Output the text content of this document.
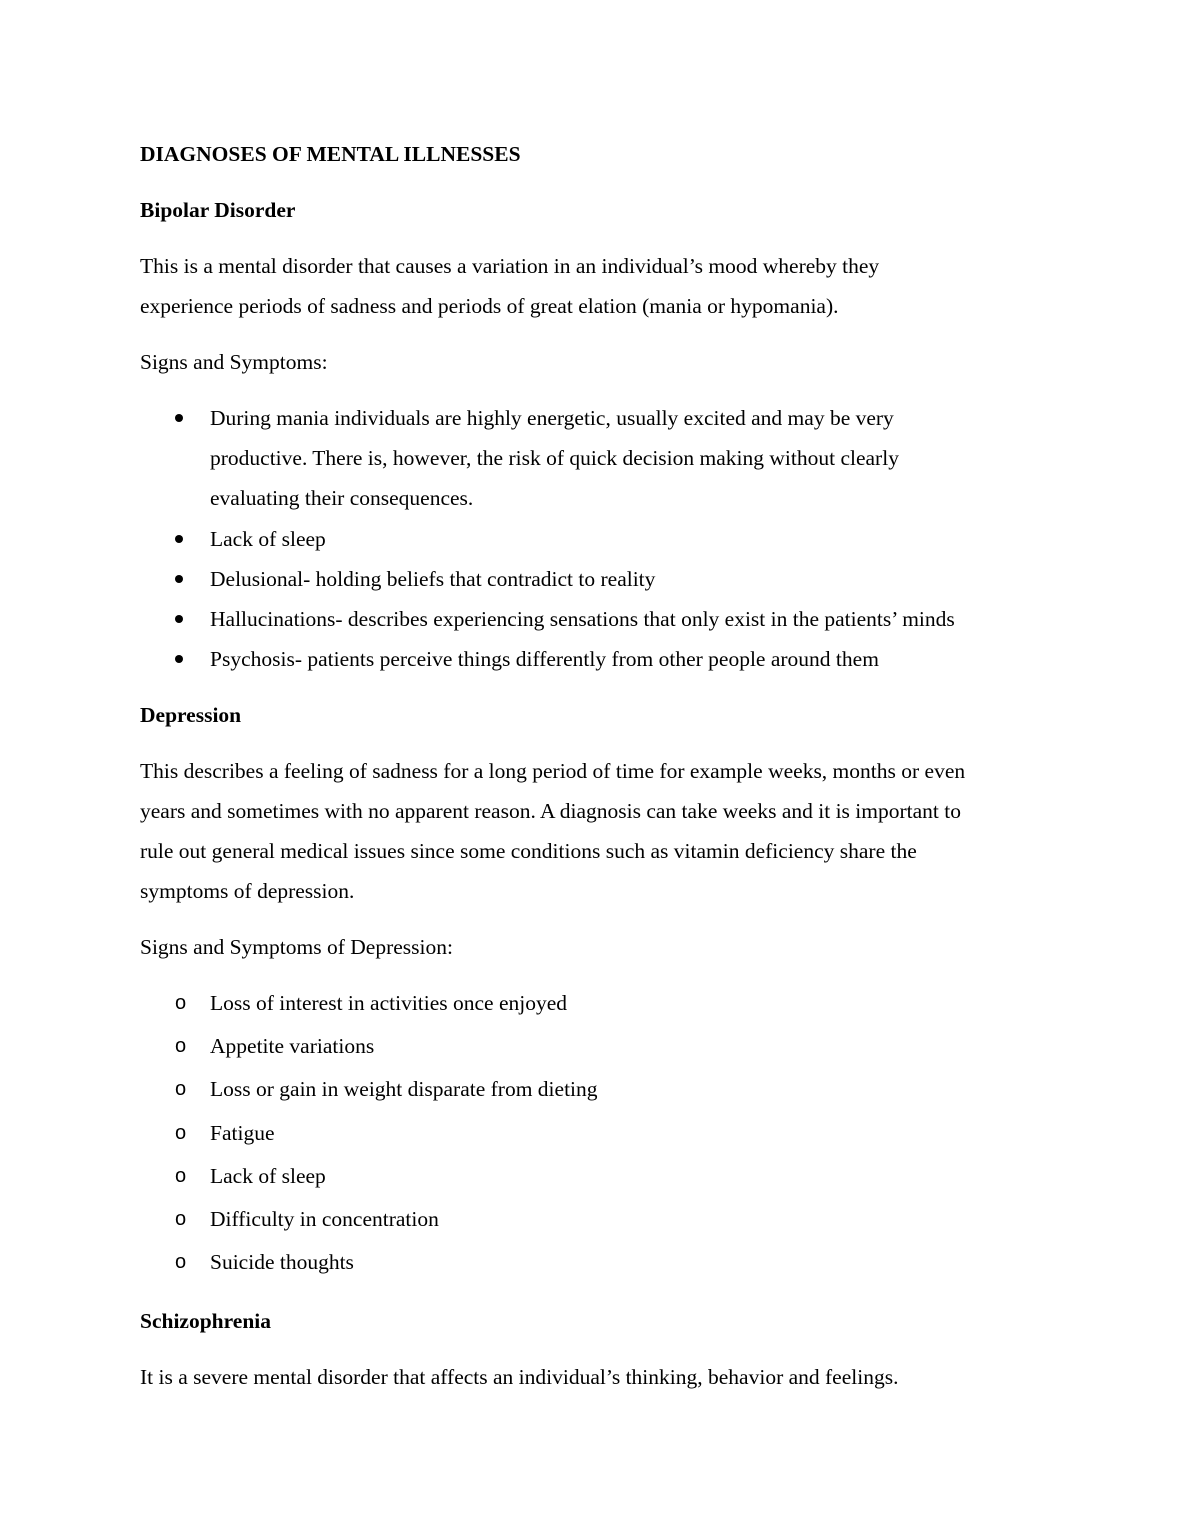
DIAGNOSES OF MENTAL ILLNESSES
Bipolar Disorder
This is a mental disorder that causes a variation in an individual’s mood whereby they
experience periods of sadness and periods of great elation (mania or hypomania).
Signs and Symptoms:
During mania individuals are highly energetic, usually excited and may be very
productive. There is, however, the risk of quick decision making without clearly
evaluating their consequences.
Lack of sleep
Delusional- holding beliefs that contradict to reality
Hallucinations- describes experiencing sensations that only exist in the patients’ minds
Psychosis- patients perceive things differently from other people around them
Depression
This describes a feeling of sadness for a long period of time for example weeks, months or even
years and sometimes with no apparent reason. A diagnosis can take weeks and it is important to
rule out general medical issues since some conditions such as vitamin deficiency share the
symptoms of depression.
Signs and Symptoms of Depression:
o Loss of interest in activities once enjoyed
o Appetite variations
o Loss or gain in weight disparate from dieting
o Fatigue
o Lack of sleep
o Difficulty in concentration
o Suicide thoughts
Schizophrenia
It is a severe mental disorder that affects an individual’s thinking, behavior and feelings.
